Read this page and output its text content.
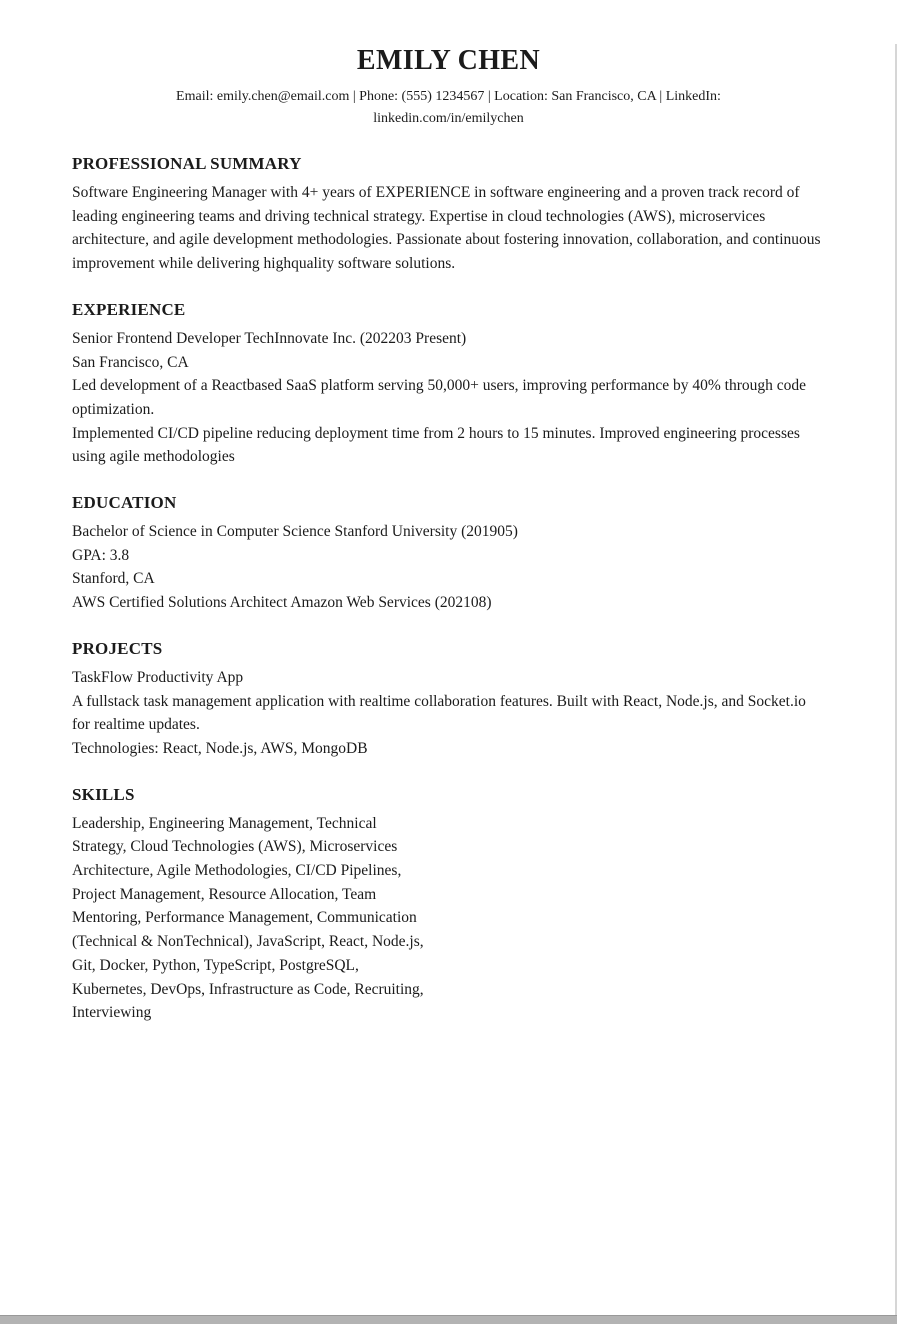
EMILY CHEN
Email: emily.chen@email.com | Phone: (555) 1234567 | Location: San Francisco, CA | LinkedIn: linkedin.com/in/emilychen
PROFESSIONAL SUMMARY

Software Engineering Manager with 4+ years of EXPERIENCE in software engineering and a proven track record of leading engineering teams and driving technical strategy. Expertise in cloud technologies (AWS), microservices architecture, and agile development methodologies. Passionate about fostering innovation, collaboration, and continuous improvement while delivering highquality software solutions.

EXPERIENCE

Senior Frontend Developer TechInnovate Inc. (202203 Present)

San Francisco, CA

Led development of a Reactbased SaaS platform serving 50,000+ users, improving performance by 40% through code optimization.

Implemented CI/CD pipeline reducing deployment time from 2 hours to 15 minutes. Improved engineering processes using agile methodologies

EDUCATION

Bachelor of Science in Computer Science Stanford University (201905)

GPA: 3.8

Stanford, CA

AWS Certified Solutions Architect Amazon Web Services (202108)

PROJECTS

TaskFlow Productivity App

A fullstack task management application with realtime collaboration features. Built with React, Node.js, and Socket.io for realtime updates.

Technologies: React, Node.js, AWS, MongoDB

SKILLS

Leadership, Engineering Management, Technical Strategy, Cloud Technologies (AWS), Microservices Architecture, Agile Methodologies, CI/CD Pipelines, Project Management, Resource Allocation, Team Mentoring, Performance Management, Communication (Technical & NonTechnical), JavaScript, React, Node.js, Git, Docker, Python, TypeScript, PostgreSQL, Kubernetes, DevOps, Infrastructure as Code, Recruiting, Interviewing
